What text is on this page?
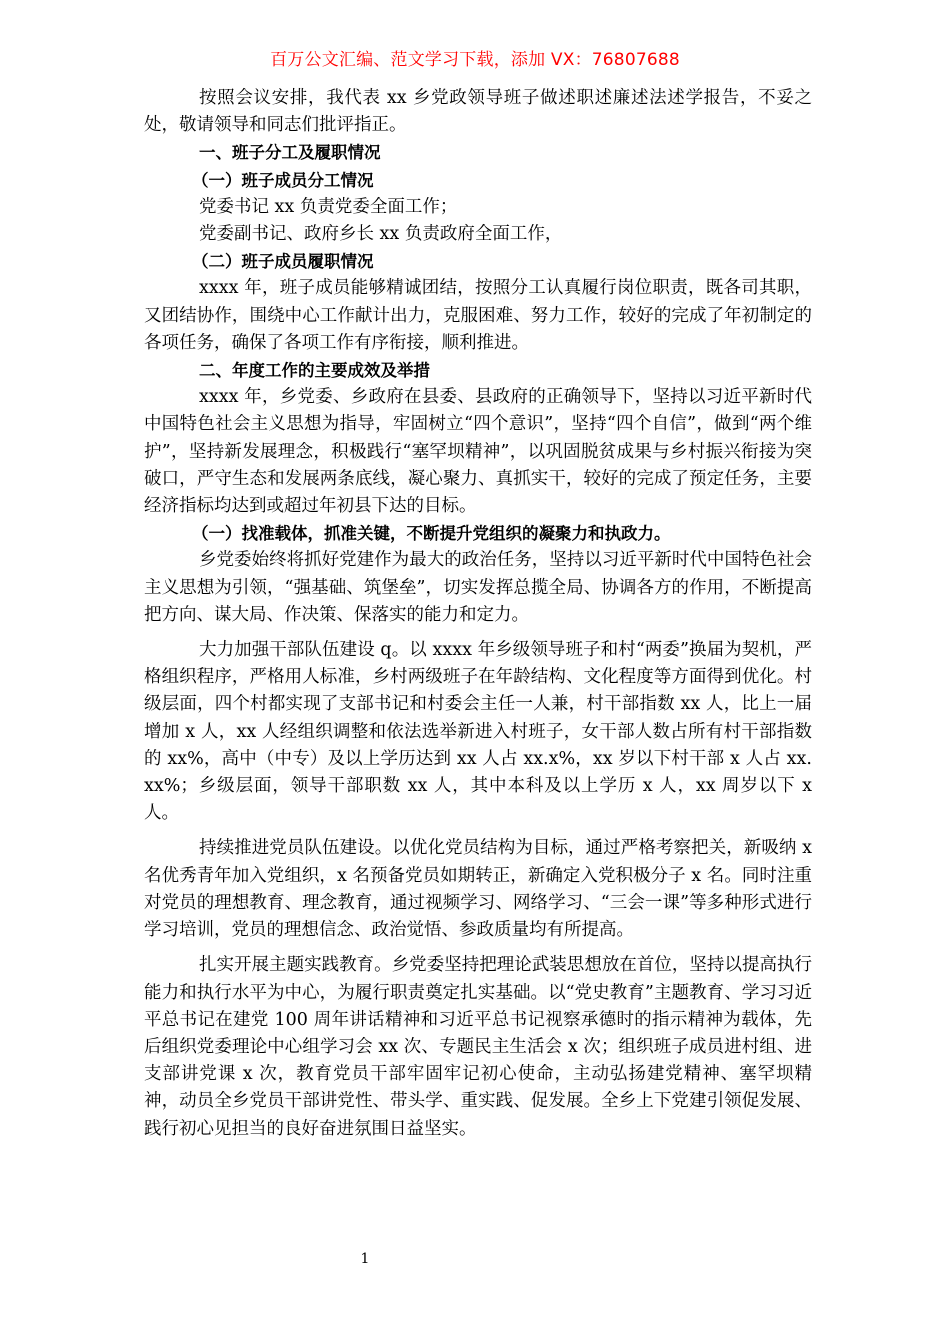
百万公文汇编、范文学习下载，添加 VX：76807688

按照会议安排，我代表 xx 乡党政领导班子做述职述廉述法述学报告，不妥之处，敬请领导和同志们批评指正。

一、班子分工及履职情况

（一）班子成员分工情况

党委书记 xx 负责党委全面工作；

党委副书记、政府乡长 xx 负责政府全面工作，

（二）班子成员履职情况

xxxx 年，班子成员能够精诚团结，按照分工认真履行岗位职责，既各司其职，又团结协作，围绕中心工作献计出力，克服困难、努力工作，较好的完成了年初制定的各项任务，确保了各项工作有序衔接，顺利推进。

二、年度工作的主要成效及举措

xxxx 年，乡党委、乡政府在县委、县政府的正确领导下，坚持以习近平新时代中国特色社会主义思想为指导，牢固树立“四个意识”，坚持“四个自信”，做到“两个维护”，坚持新发展理念，积极践行“塞罕坝精神”，以巩固脱贫成果与乡村振兴衔接为突破口，严守生态和发展两条底线，凝心聚力、真抓实干，较好的完成了预定任务，主要经济指标均达到或超过年初县下达的目标。

（一）找准载体，抓准关键，不断提升党组织的凝聚力和执政力。

乡党委始终将抓好党建作为最大的政治任务，坚持以习近平新时代中国特色社会主义思想为引领，“强基础、筑堡垒”，切实发挥总揽全局、协调各方的作用，不断提高把方向、谋大局、作决策、保落实的能力和定力。

大力加强干部队伍建设 q。以 xxxx 年乡级领导班子和村“两委”换届为契机，严格组织程序，严格用人标准，乡村两级班子在年龄结构、文化程度等方面得到优化。村级层面，四个村都实现了支部书记和村委会主任一人兼，村干部指数 xx 人，比上一届增加 x 人，xx 人经组织调整和依法选举新进入村班子，女干部人数占所有村干部指数的 xx%，高中（中专）及以上学历达到 xx 人占 xx.x%，xx 岁以下村干部 x 人占 xx.xx%；乡级层面，领导干部职数 xx 人，其中本科及以上学历 x 人，xx 周岁以下 x 人。

持续推进党员队伍建设。以优化党员结构为目标，通过严格考察把关，新吸纳 x 名优秀青年加入党组织，x 名预备党员如期转正，新确定入党积极分子 x 名。同时注重对党员的理想教育、理念教育，通过视频学习、网络学习、“三会一课”等多种形式进行学习培训，党员的理想信念、政治觉悟、参政质量均有所提高。

扎实开展主题实践教育。乡党委坚持把理论武装思想放在首位，坚持以提高执行能力和执行水平为中心，为履行职责奠定扎实基础。以“党史教育”主题教育、学习习近平总书记在建党 100 周年讲话精神和习近平总书记视察承德时的指示精神为载体，先后组织党委理论中心组学习会 xx 次、专题民主生活会 x 次；组织班子成员进村组、进支部讲党课 x 次，教育党员干部牢固牢记初心使命，主动弘扬建党精神、塞罕坝精神，动员全乡党员干部讲党性、带头学、重实践、促发展。全乡上下党建引领促发展、践行初心见担当的良好奋进氛围日益坚实。

1
